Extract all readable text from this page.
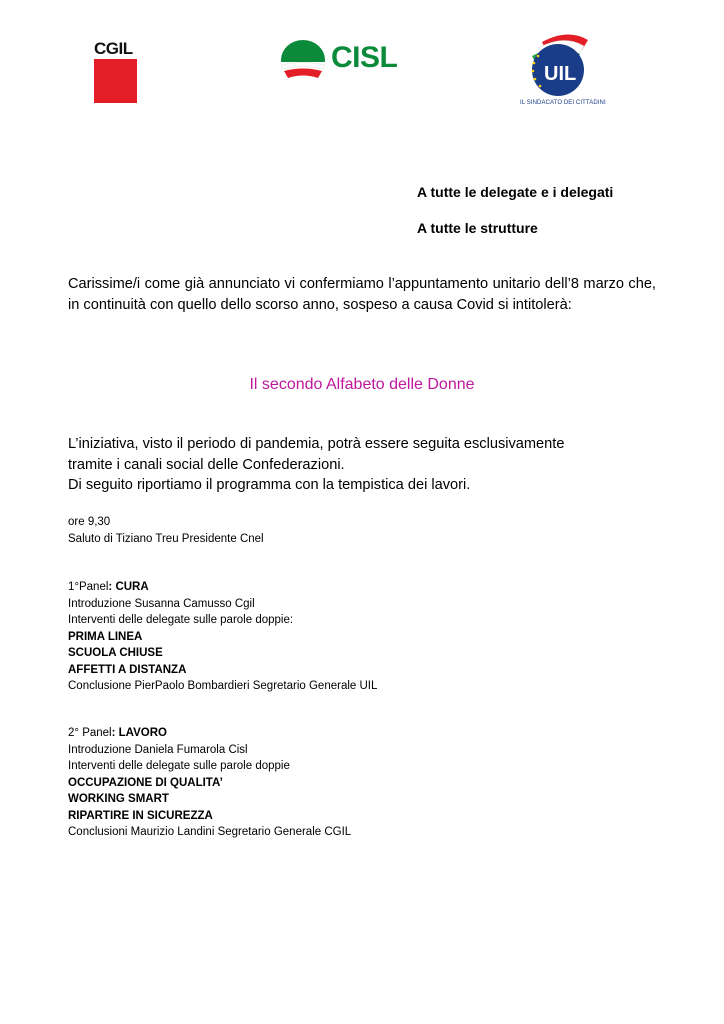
CGIL	CISL	UIL
IL SINDACATO DEI CITTADINI
A tutte le delegate e i delegati
A tutte le strutture
Carissime/i come già annunciato vi confermiamo l’appuntamento unitario dell’8 marzo che, in continuità con quello dello scorso anno, sospeso a causa Covid si intitolerà:
Il secondo Alfabeto delle Donne
L’iniziativa, visto il periodo di pandemia, potrà essere seguita esclusivamente
tramite i canali social delle Confederazioni.
Di seguito riportiamo il programma con la tempistica dei lavori.
ore 9,30
Saluto di Tiziano Treu Presidente Cnel
1°Panel: CURA
Introduzione Susanna Camusso Cgil
Interventi delle delegate sulle parole doppie:
PRIMA LINEA
SCUOLA CHIUSE
AFFETTI A DISTANZA
Conclusione PierPaolo Bombardieri Segretario Generale UIL
2° Panel: LAVORO
Introduzione Daniela Fumarola Cisl
Interventi delle delegate sulle parole doppie
OCCUPAZIONE DI QUALITA’
WORKING SMART
RIPARTIRE IN SICUREZZA
Conclusioni Maurizio Landini Segretario Generale CGIL
